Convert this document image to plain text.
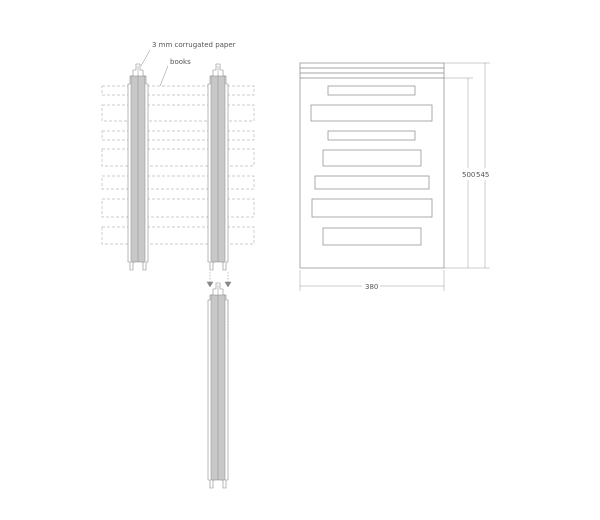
3 mm corrugated paper
books
380
500 545
